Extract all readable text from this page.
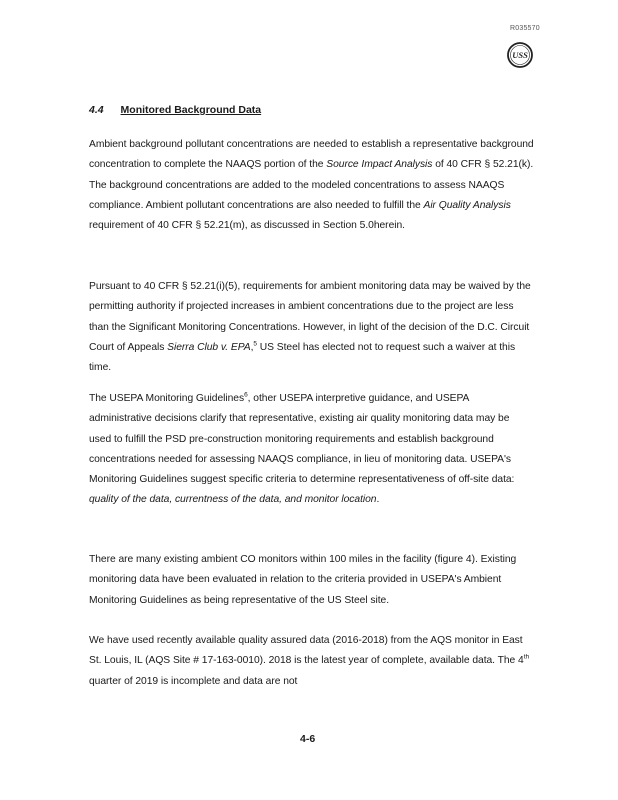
R035570
USS
4.4 Monitored Background Data

Ambient background pollutant concentrations are needed to establish a representative background concentration to complete the NAAQS portion of the Source Impact Analysis of 40 CFR § 52.21(k). The background concentrations are added to the modeled concentrations to assess NAAQS compliance. Ambient pollutant concentrations are also needed to fulfill the Air Quality Analysis requirement of 40 CFR § 52.21(m), as discussed in Section 5.0herein.

Pursuant to 40 CFR § 52.21(i)(5), requirements for ambient monitoring data may be waived by the permitting authority if projected increases in ambient concentrations due to the project are less than the Significant Monitoring Concentrations. However, in light of the decision of the D.C. Circuit Court of Appeals Sierra Club v. EPA,$^5$ US Steel has elected not to request such a waiver at this time.

The USEPA Monitoring Guidelines$^6$, other USEPA interpretive guidance, and USEPA administrative decisions clarify that representative, existing air quality monitoring data may be used to fulfill the PSD pre-construction monitoring requirements and establish background concentrations needed for assessing NAAQS compliance, in lieu of monitoring data. USEPA's Monitoring Guidelines suggest specific criteria to determine representativeness of off-site data: quality of the data, currentness of the data, and monitor location.

There are many existing ambient CO monitors within 100 miles in the facility (figure 4). Existing monitoring data have been evaluated in relation to the criteria provided in USEPA's Ambient Monitoring Guidelines as being representative of the US Steel site.

We have used recently available quality assured data (2016-2018) from the AQS monitor in East St. Louis, IL (AQS Site # 17-163-0010). 2018 is the latest year of complete, available data. The 4th quarter of 2019 is incomplete and data are not

4-6
